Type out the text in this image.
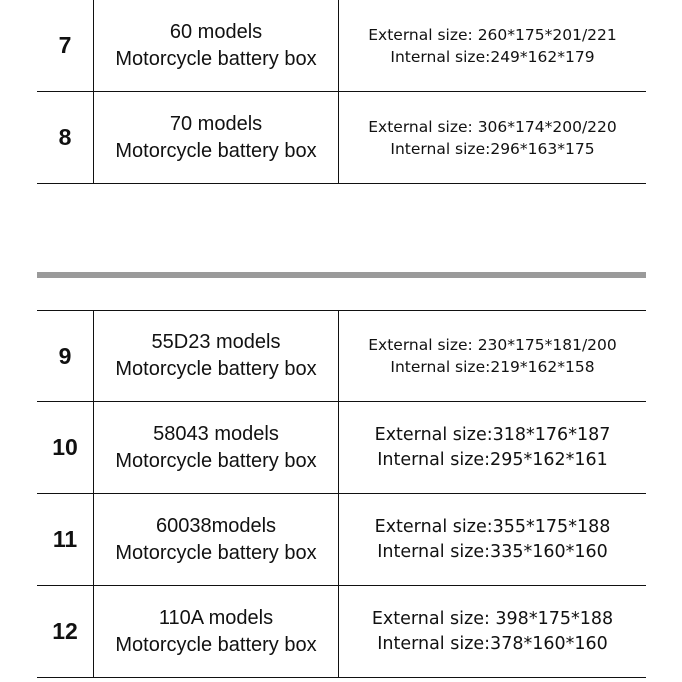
7
60 models
Motorcycle battery box
External size: 260*175*201/221
Internal size:249*162*179
8
70 models
Motorcycle battery box
External size: 306*174*200/220
Internal size:296*163*175
9
55D23 models
Motorcycle battery box
External size: 230*175*181/200
Internal size:219*162*158
10
58043 models
Motorcycle battery box
External size:318*176*187
Internal size:295*162*161
11
60038models
Motorcycle battery box
External size:355*175*188
Internal size:335*160*160
12
110A models
Motorcycle battery box
External size: 398*175*188
Internal size:378*160*160
